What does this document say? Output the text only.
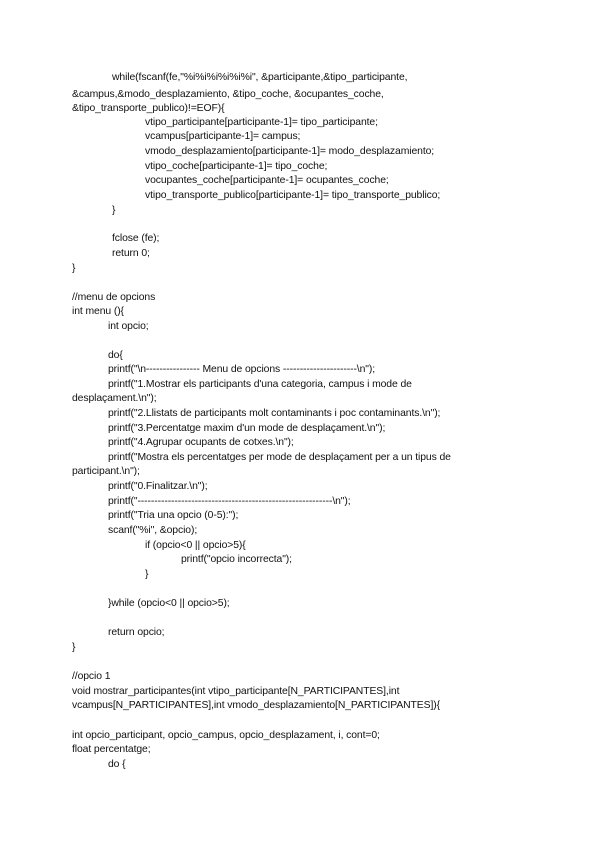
while(fscanf(fe,"%i%i%i%i%i%i", &participante,&tipo_participante,
&campus,&modo_desplazamiento, &tipo_coche, &ocupantes_coche,
&tipo_transporte_publico)!=EOF){
vtipo_participante[participante-1]= tipo_participante;
vcampus[participante-1]= campus;
vmodo_desplazamiento[participante-1]= modo_desplazamiento;
vtipo_coche[participante-1]= tipo_coche;
vocupantes_coche[participante-1]= ocupantes_coche;
vtipo_transporte_publico[participante-1]= tipo_transporte_publico;
}
fclose (fe);
return 0;
}
//menu de opcions
int menu (){
int opcio;
do{
printf("\n---------------- Menu de opcions ----------------------\n");
printf("1.Mostrar els participants d'una categoria, campus i mode de
desplaçament.\n");
printf("2.Llistats de participants molt contaminants i poc contaminants.\n");
printf("3.Percentatge maxim d'un mode de desplaçament.\n");
printf("4.Agrupar ocupants de cotxes.\n");
printf("Mostra els percentatges per mode de desplaçament per a un tipus de
participant.\n");
printf("0.Finalitzar.\n");
printf("----------------------------------------------------------\n");
printf("Tria una opcio (0-5):");
scanf("%i", &opcio);
if (opcio<0 || opcio>5){
printf("opcio incorrecta");
}
}while (opcio<0 || opcio>5);
return opcio;
}
//opcio 1
void mostrar_participantes(int vtipo_participante[N_PARTICIPANTES],int
vcampus[N_PARTICIPANTES],int vmodo_desplazamiento[N_PARTICIPANTES]){
int opcio_participant, opcio_campus, opcio_desplazament, i, cont=0;
float percentatge;
do {
